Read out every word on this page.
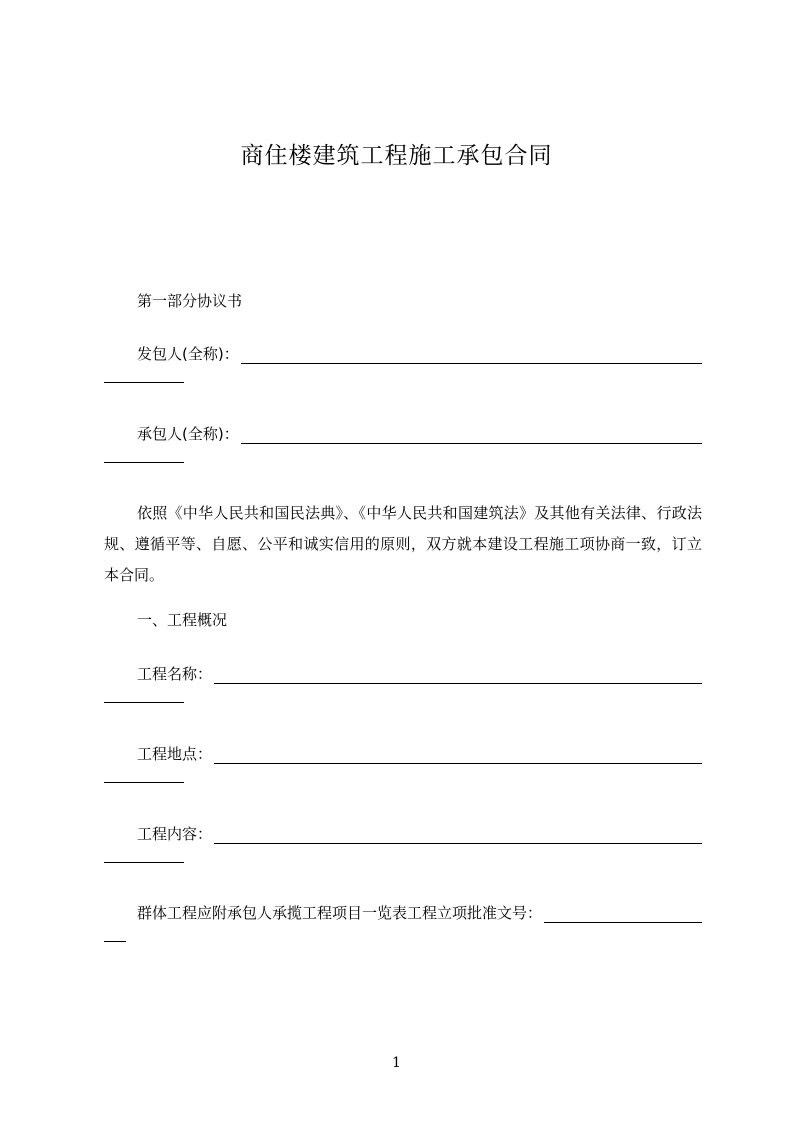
商住楼建筑工程施工承包合同
第一部分协议书
发包人(全称)：
承包人(全称)：
依照《中华人民共和国民法典》、《中华人民共和国建筑法》及其他有关法律、行政法规、遵循平等、自愿、公平和诚实信用的原则，双方就本建设工程施工项协商一致，订立本合同。
一、工程概况
工程名称：
工程地点：
工程内容：
群体工程应附承包人承揽工程项目一览表工程立项批准文号：
1
